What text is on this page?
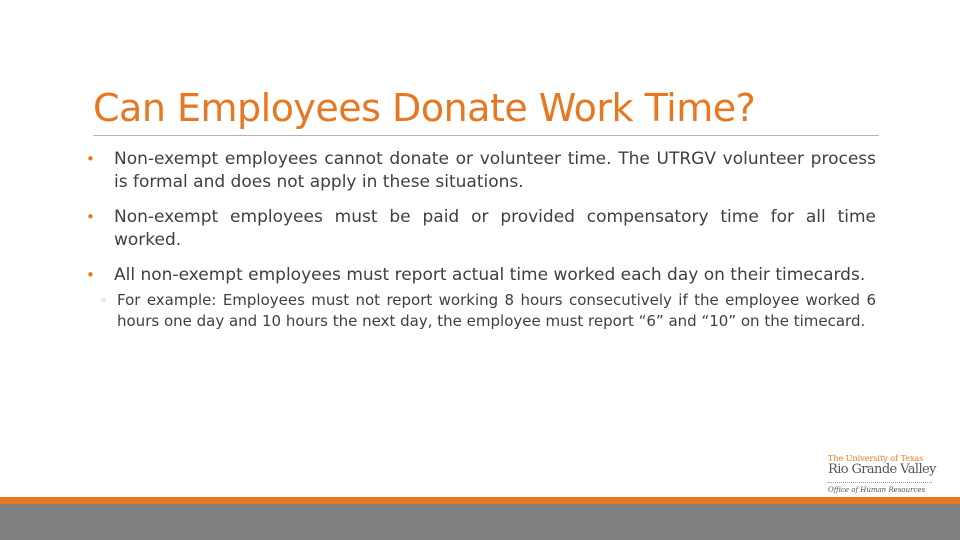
Can Employees Donate Work Time?
•	Non-exempt employees cannot donate or volunteer time. The UTRGV volunteer process is formal and does not apply in these situations.
•	Non-exempt employees must be paid or provided compensatory time for all time worked.
•	All non-exempt employees must report actual time worked each day on their timecards.
◦ For example: Employees must not report working 8 hours consecutively if the employee worked 6 hours one day and 10 hours the next day, the employee must report “6” and “10” on the timecard.
The University of Texas
Rio Grande Valley
Office of Human Resources
